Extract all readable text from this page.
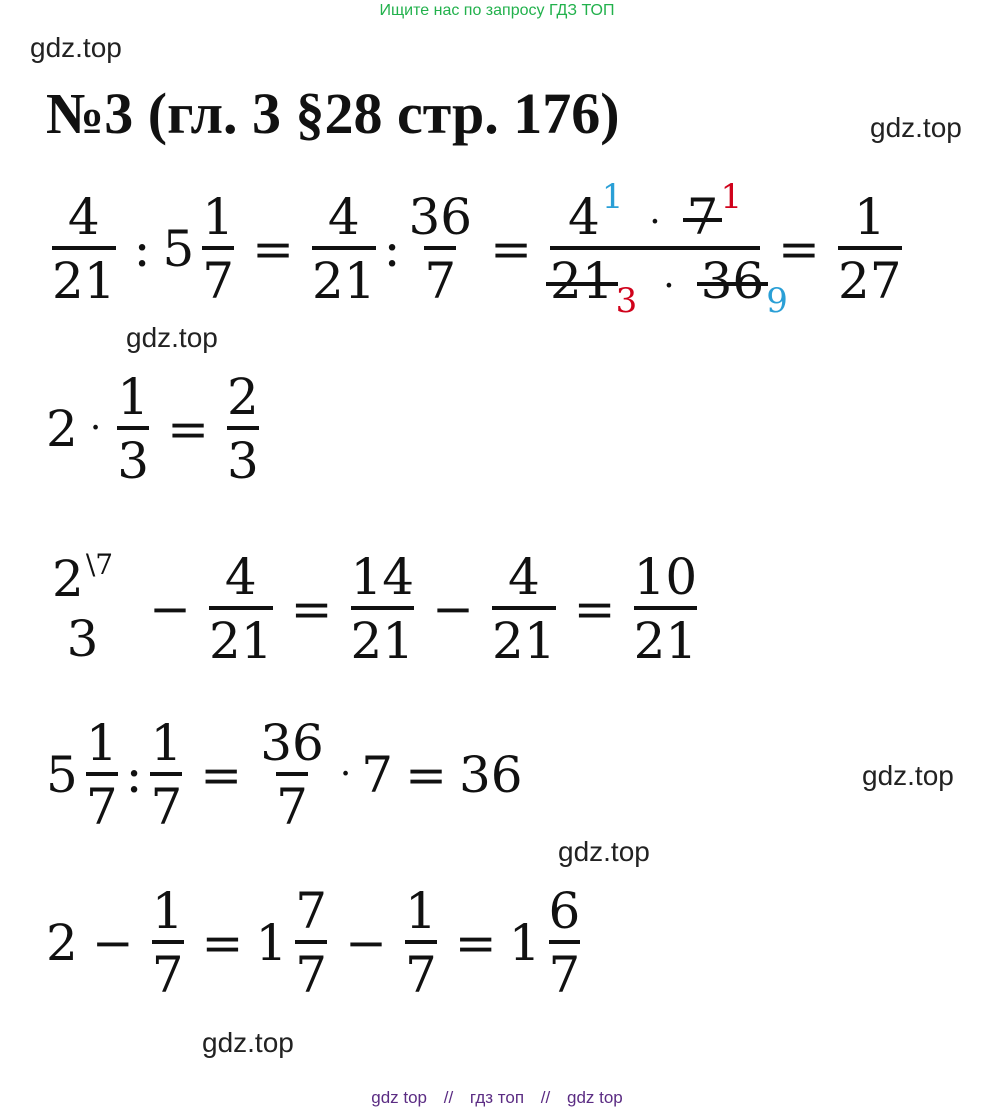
Ищите нас по запросу ГДЗ ТОП
gdz.top
gdz.top
gdz.top
gdz.top
gdz.top
gdz.top
№3 (гл. 3 §28 стр. 176)
$\frac{4}{21}$ : $5 \frac{1}{7} = \frac{4}{21}$ : $\frac{36}{7} = \frac{4^1 \cdot 7^1}{21_3 \cdot 36_9} = \frac{1}{27}$
$2 \cdot \frac{1}{3} = \frac{2}{3}$
$2^{\backslash 7}$
3
− $\frac{4}{21} = \frac{14}{21} - \frac{4}{21} = \frac{10}{21}$
$5 \frac{1}{7}$ : $\frac{1}{7} = \frac{36}{7} \cdot 7 = 36$
$2 - \frac{1}{7} = 1 \frac{7}{7} - \frac{1}{7} = 1 \frac{6}{7}$
gdz top // гдз топ // gdz top
